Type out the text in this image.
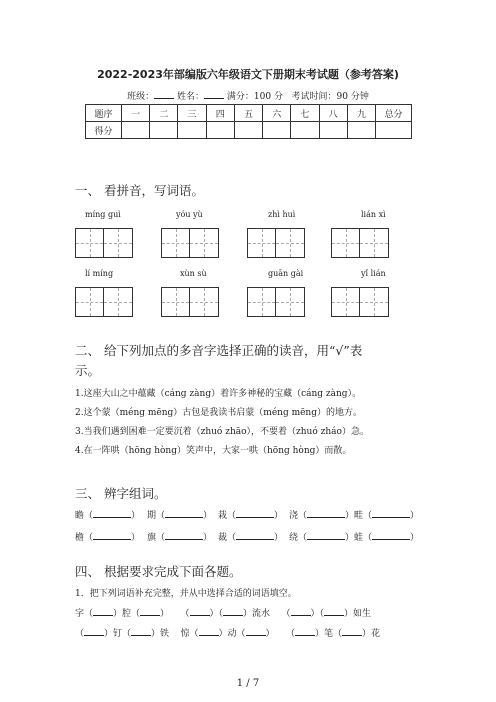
2022-2023年部编版六年级语文下册期末考试题（参考答案)
班级：	姓名：	满分：100 分 考试时间：90 分钟
题序	一	二	三	四	五	六	七	八	九	总分
得分										
一、 看拼音，写词语。
míng guì	yóu yù	zhì huì	lián xì
lí míng	xùn sù	guān gài	yǐ lián
二、 给下列加点的多音字选择正确的读音，用“√”表
示。
1.这座大山之中蕴藏（cáng zàng）着许多神秘的宝藏（cáng zàng）。
2.这个蒙（méng mēng）古包是我读书启蒙（méng mēng）的地方。
3.当我们遇到困难一定要沉着（zhuó zhāo），不要着（zhuó zháo）急。
4.在一阵哄（hōng hòng）笑声中，大家一哄（hōng hòng）而散。
三、 辨字组词。
瞻（	） 期（	） 栽（	） 浇（	） 畦（	）
檐（	） 旗（	） 裁（	） 绕（	） 蛙（	）
四、 根据要求完成下面各题。
1．把下列词语补充完整，并从中选择合适的词语填空。
字（ ）腔（ ） （ ）（ ）流水 （ ）（ ）如生
（ ）钉（ ）铁 惊（ ）动（ ） （ ）笔（ ）花
1 / 7
